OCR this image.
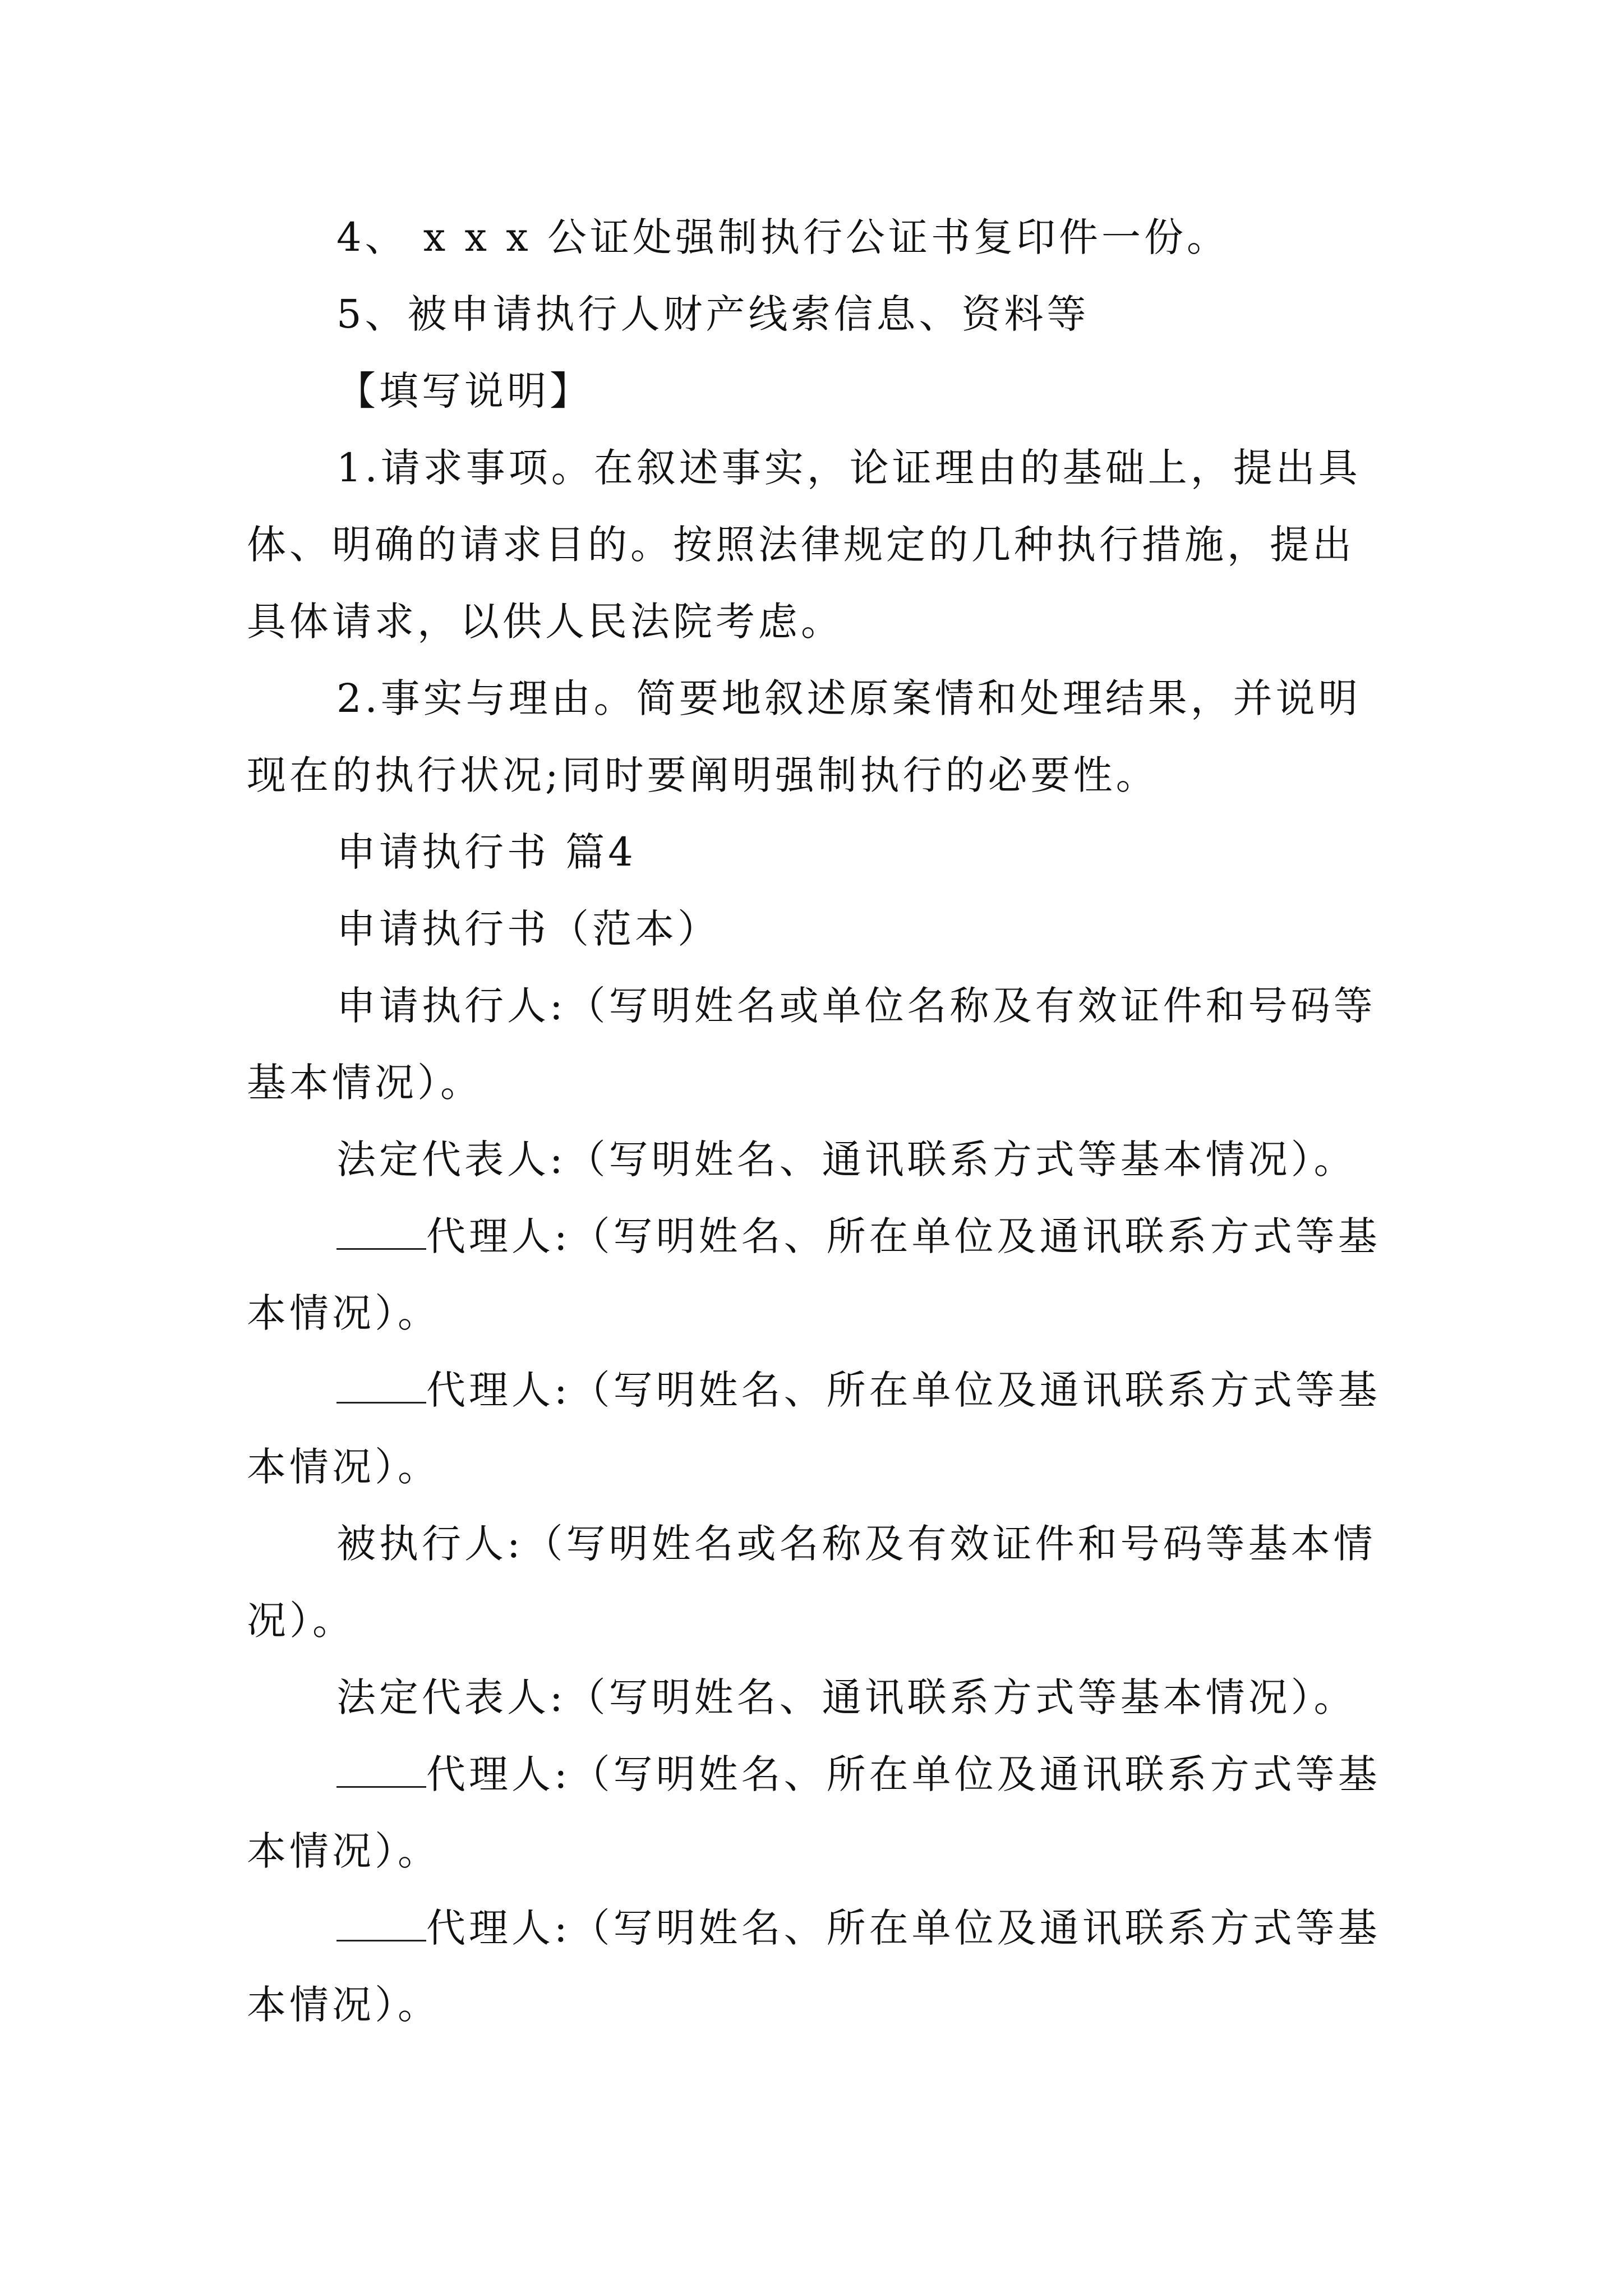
4、 x x x 公证处强制执行公证书复印件一份。

5、被申请执行人财产线索信息、资料等

【填写说明】

1.请求事项。在叙述事实，论证理由的基础上，提出具体、明确的请求目的。按照法律规定的几种执行措施，提出具体请求，以供人民法院考虑。

2.事实与理由。简要地叙述原案情和处理结果，并说明现在的执行状况;同时要阐明强制执行的必要性。

申请执行书 篇4

申请执行书（范本）

申请执行人:（写明姓名或单位名称及有效证件和号码等基本情况）。

法定代表人:（写明姓名、通讯联系方式等基本情况）。

代理人:（写明姓名、所在单位及通讯联系方式等基本情况）。

代理人:（写明姓名、所在单位及通讯联系方式等基本情况）。

被执行人:（写明姓名或名称及有效证件和号码等基本情况）。

法定代表人:（写明姓名、通讯联系方式等基本情况）。

代理人:（写明姓名、所在单位及通讯联系方式等基本情况）。

代理人:（写明姓名、所在单位及通讯联系方式等基本情况）。
